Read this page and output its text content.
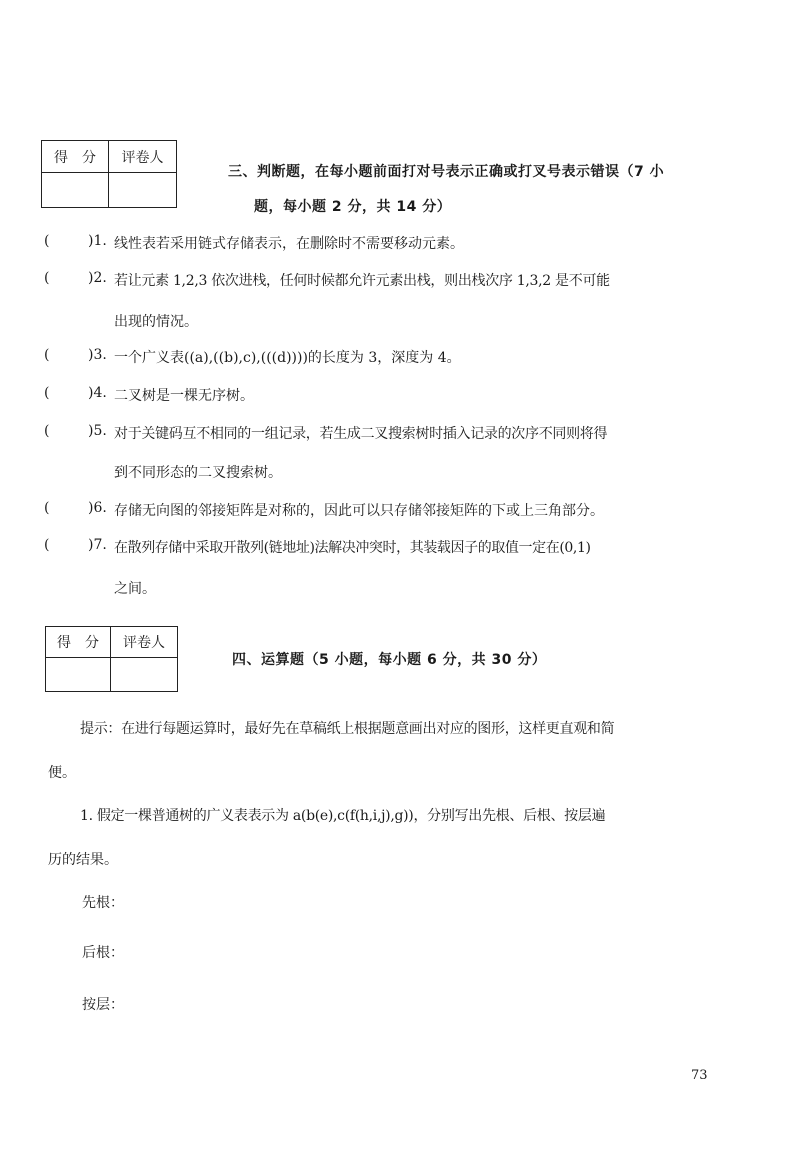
得　分	评卷人

三、判断题，在每小题前面打对号表示正确或打叉号表示错误（7 小
题，每小题 2 分，共 14 分）
(	)1. 线性表若采用链式存储表示，在删除时不需要移动元素。
(	)2. 若让元素 1,2,3 依次进栈，任何时候都允许元素出栈，则出栈次序 1,3,2 是不可能
出现的情况。
(	)3. 一个广义表((a),((b),c),(((d))))的长度为 3，深度为 4。
(	)4. 二叉树是一棵无序树。
(	)5. 对于关键码互不相同的一组记录，若生成二叉搜索树时插入记录的次序不同则将得
到不同形态的二叉搜索树。
(	)6. 存储无向图的邻接矩阵是对称的，因此可以只存储邻接矩阵的下或上三角部分。
(	)7. 在散列存储中采取开散列(链地址)法解决冲突时，其装载因子的取值一定在(0,1)
之间。
得　分	评卷人

四、运算题（5 小题，每小题 6 分，共 30 分）
提示：在进行每题运算时，最好先在草稿纸上根据题意画出对应的图形，这样更直观和简
便。
1. 假定一棵普通树的广义表表示为 a(b(e),c(f(h,i,j),g))，分别写出先根、后根、按层遍
历的结果。
先根：
后根：
按层：
73
